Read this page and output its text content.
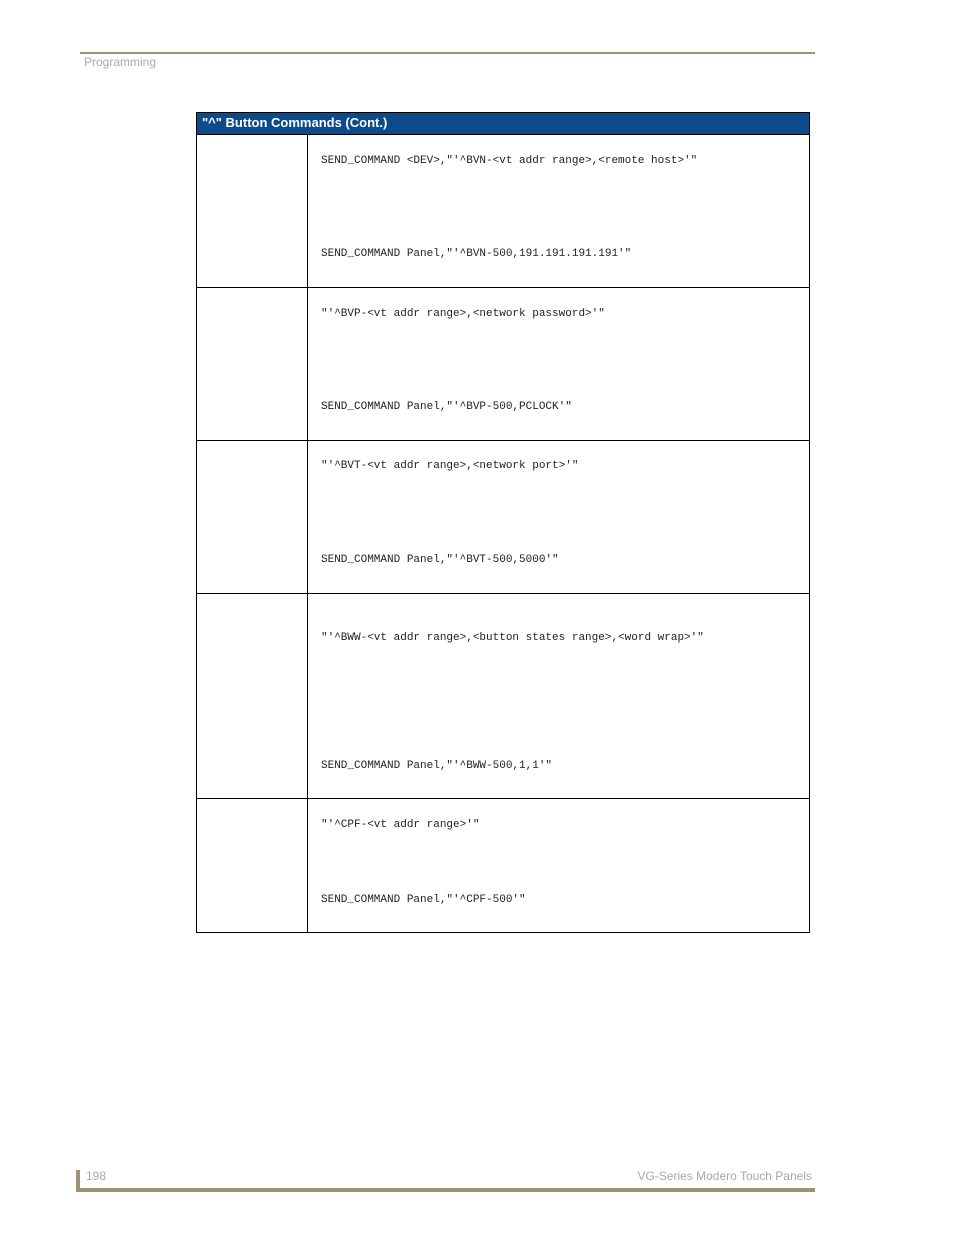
Programming
"^" Button Commands (Cont.)
SEND_COMMAND <DEV>,"'^BVN-<vt addr range>,<remote host>'"
SEND_COMMAND Panel,"'^BVN-500,191.191.191.191'"
"'^BVP-<vt addr range>,<network password>'"
SEND_COMMAND Panel,"'^BVP-500,PCLOCK'"
"'^BVT-<vt addr range>,<network port>'"
SEND_COMMAND Panel,"'^BVT-500,5000'"
"'^BWW-<vt addr range>,<button states range>,<word wrap>'"
SEND_COMMAND Panel,"'^BWW-500,1,1'"
"'^CPF-<vt addr range>'"
SEND_COMMAND Panel,"'^CPF-500'"
198	VG-Series Modero Touch Panels
